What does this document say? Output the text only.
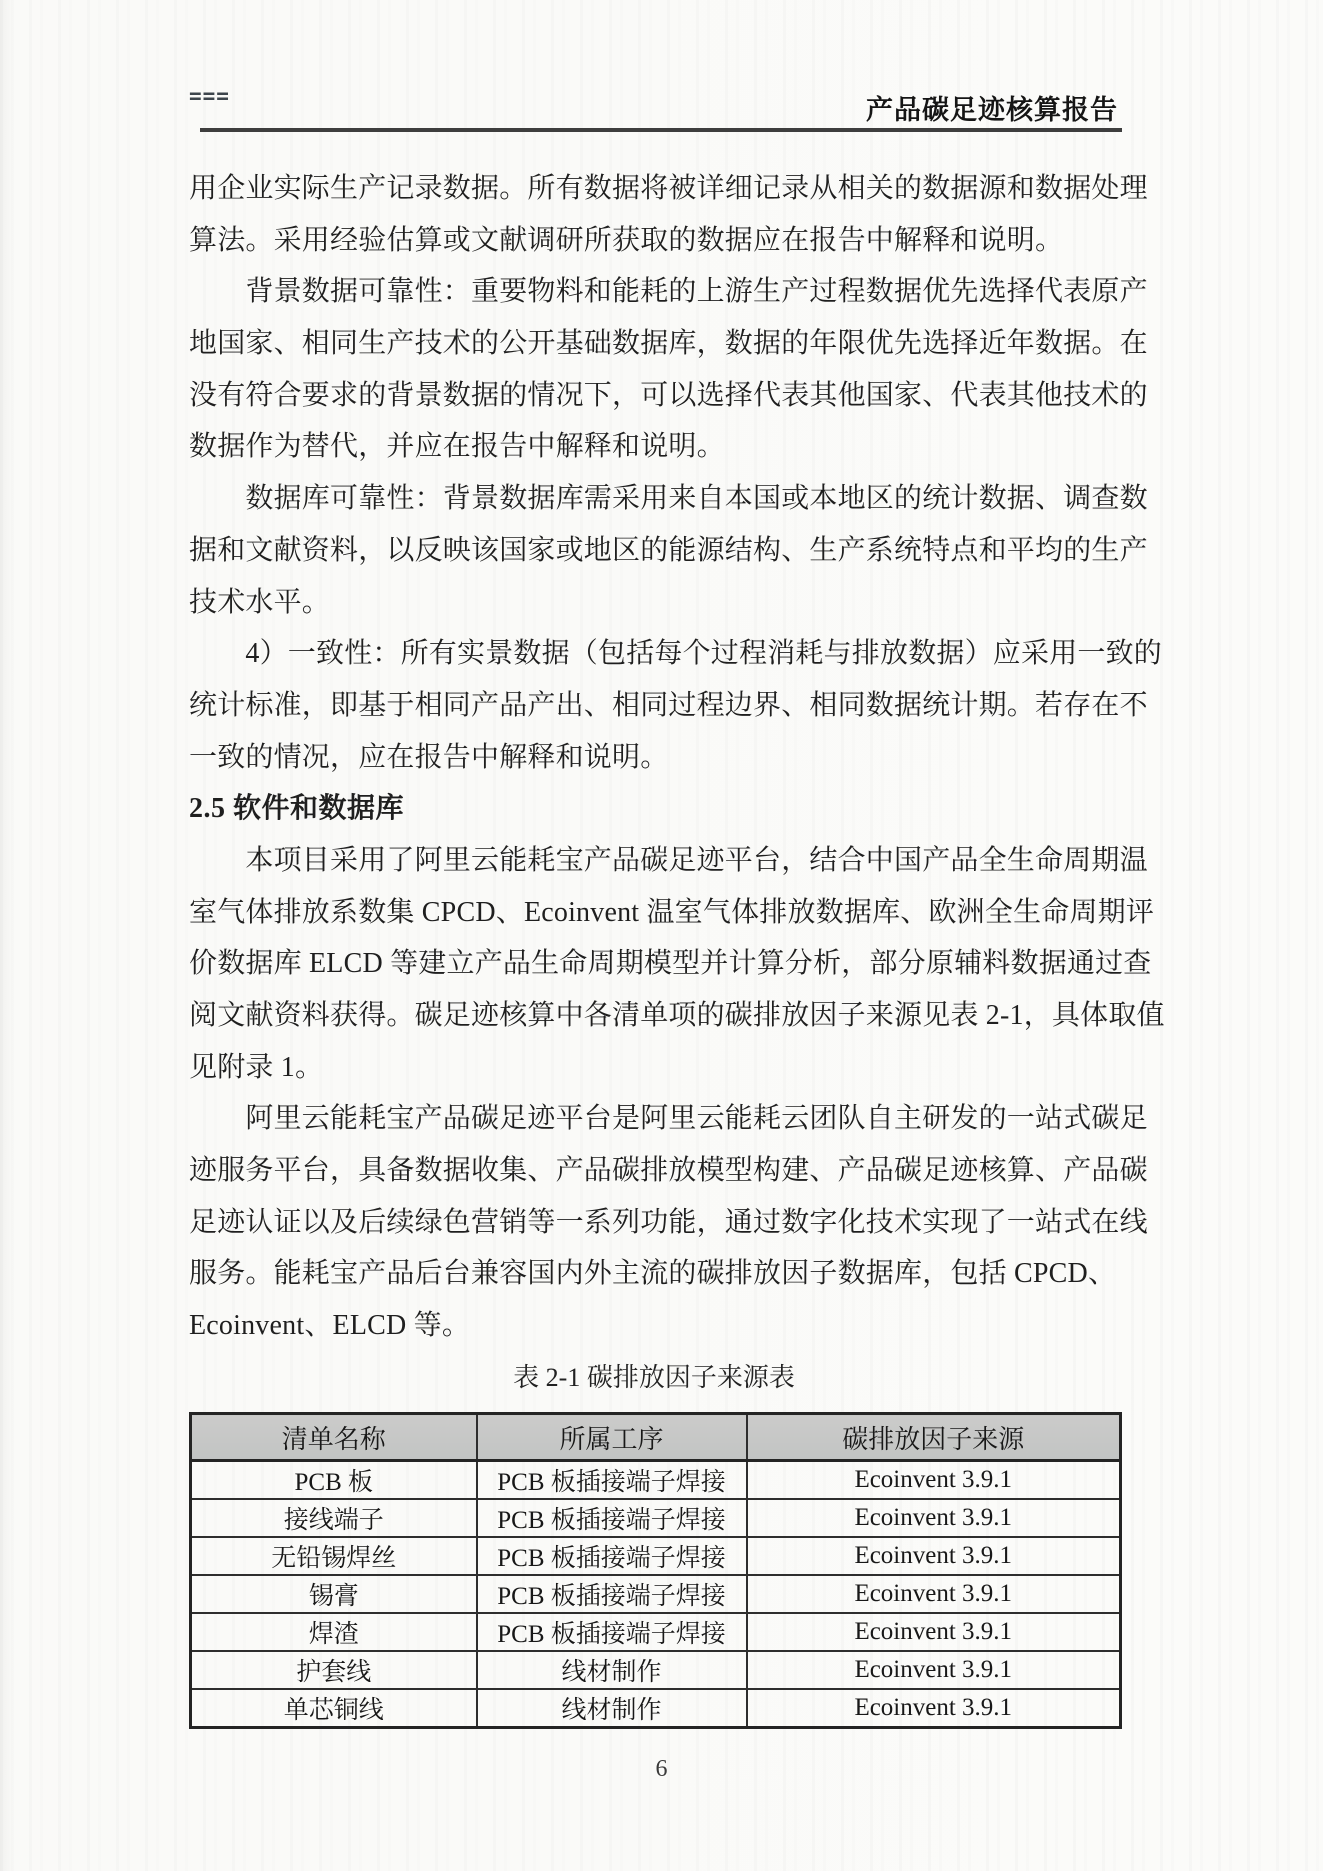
===	产品碳足迹核算报告
用企业实际生产记录数据。所有数据将被详细记录从相关的数据源和数据处理
算法。采用经验估算或文献调研所获取的数据应在报告中解释和说明。
　　背景数据可靠性：重要物料和能耗的上游生产过程数据优先选择代表原产
地国家、相同生产技术的公开基础数据库，数据的年限优先选择近年数据。在
没有符合要求的背景数据的情况下，可以选择代表其他国家、代表其他技术的
数据作为替代，并应在报告中解释和说明。
　　数据库可靠性：背景数据库需采用来自本国或本地区的统计数据、调查数
据和文献资料，以反映该国家或地区的能源结构、生产系统特点和平均的生产
技术水平。
　　4）一致性：所有实景数据（包括每个过程消耗与排放数据）应采用一致的
统计标准，即基于相同产品产出、相同过程边界、相同数据统计期。若存在不
一致的情况，应在报告中解释和说明。
2.5 软件和数据库
　　本项目采用了阿里云能耗宝产品碳足迹平台，结合中国产品全生命周期温
室气体排放系数集 CPCD、Ecoinvent 温室气体排放数据库、欧洲全生命周期评
价数据库 ELCD 等建立产品生命周期模型并计算分析，部分原辅料数据通过查
阅文献资料获得。碳足迹核算中各清单项的碳排放因子来源见表 2-1，具体取值
见附录 1。
　　阿里云能耗宝产品碳足迹平台是阿里云能耗云团队自主研发的一站式碳足
迹服务平台，具备数据收集、产品碳排放模型构建、产品碳足迹核算、产品碳
足迹认证以及后续绿色营销等一系列功能，通过数字化技术实现了一站式在线
服务。能耗宝产品后台兼容国内外主流的碳排放因子数据库，包括 CPCD、
Ecoinvent、ELCD 等。
表 2-1 碳排放因子来源表
清单名称	所属工序	碳排放因子来源
PCB 板	PCB 板插接端子焊接	Ecoinvent 3.9.1
接线端子	PCB 板插接端子焊接	Ecoinvent 3.9.1
无铅锡焊丝	PCB 板插接端子焊接	Ecoinvent 3.9.1
锡膏	PCB 板插接端子焊接	Ecoinvent 3.9.1
焊渣	PCB 板插接端子焊接	Ecoinvent 3.9.1
护套线	线材制作	Ecoinvent 3.9.1
单芯铜线	线材制作	Ecoinvent 3.9.1
6
